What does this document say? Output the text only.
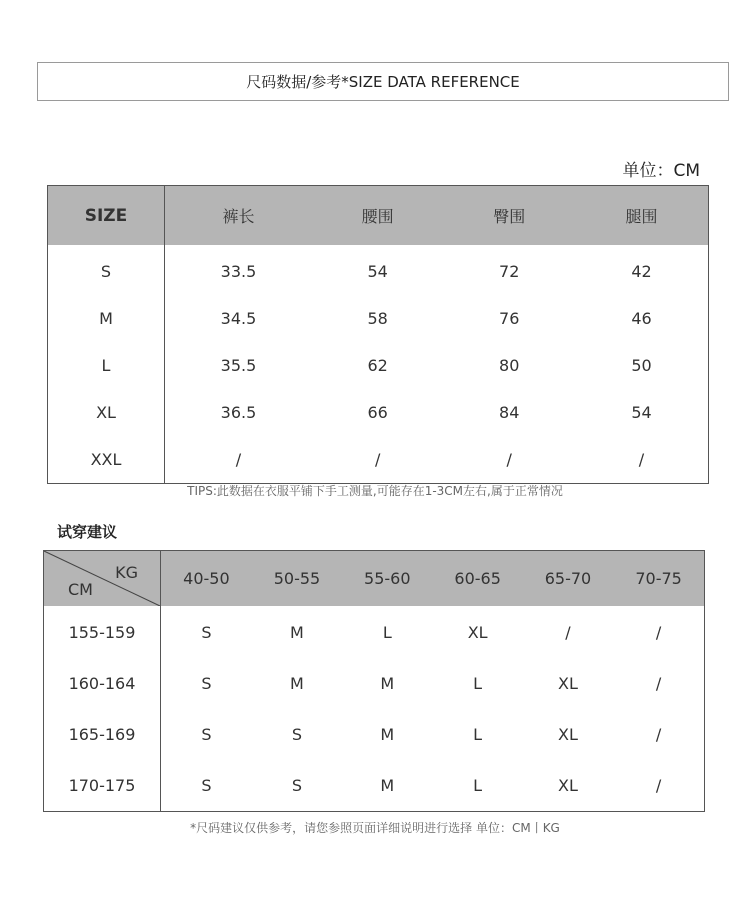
尺码数据/参考*SIZE DATA REFERENCE
单位：CM
SIZE	裤长	腰围	臀围	腿围
S	33.5	54	72	42
M	34.5	58	76	46
L	35.5	62	80	50
XL	36.5	66	84	54
XXL	/	/	/	/
TIPS:此数据在衣服平铺下手工测量,可能存在1-3CM左右,属于正常情况
试穿建议
KG
CM	40-50	50-55	55-60	60-65	65-70	70-75
155-159	S	M	L	XL	/	/
160-164	S	M	M	L	XL	/
165-169	S	S	M	L	XL	/
170-175	S	S	M	L	XL	/
*尺码建议仅供参考，请您参照页面详细说明进行选择 单位：CM丨KG
